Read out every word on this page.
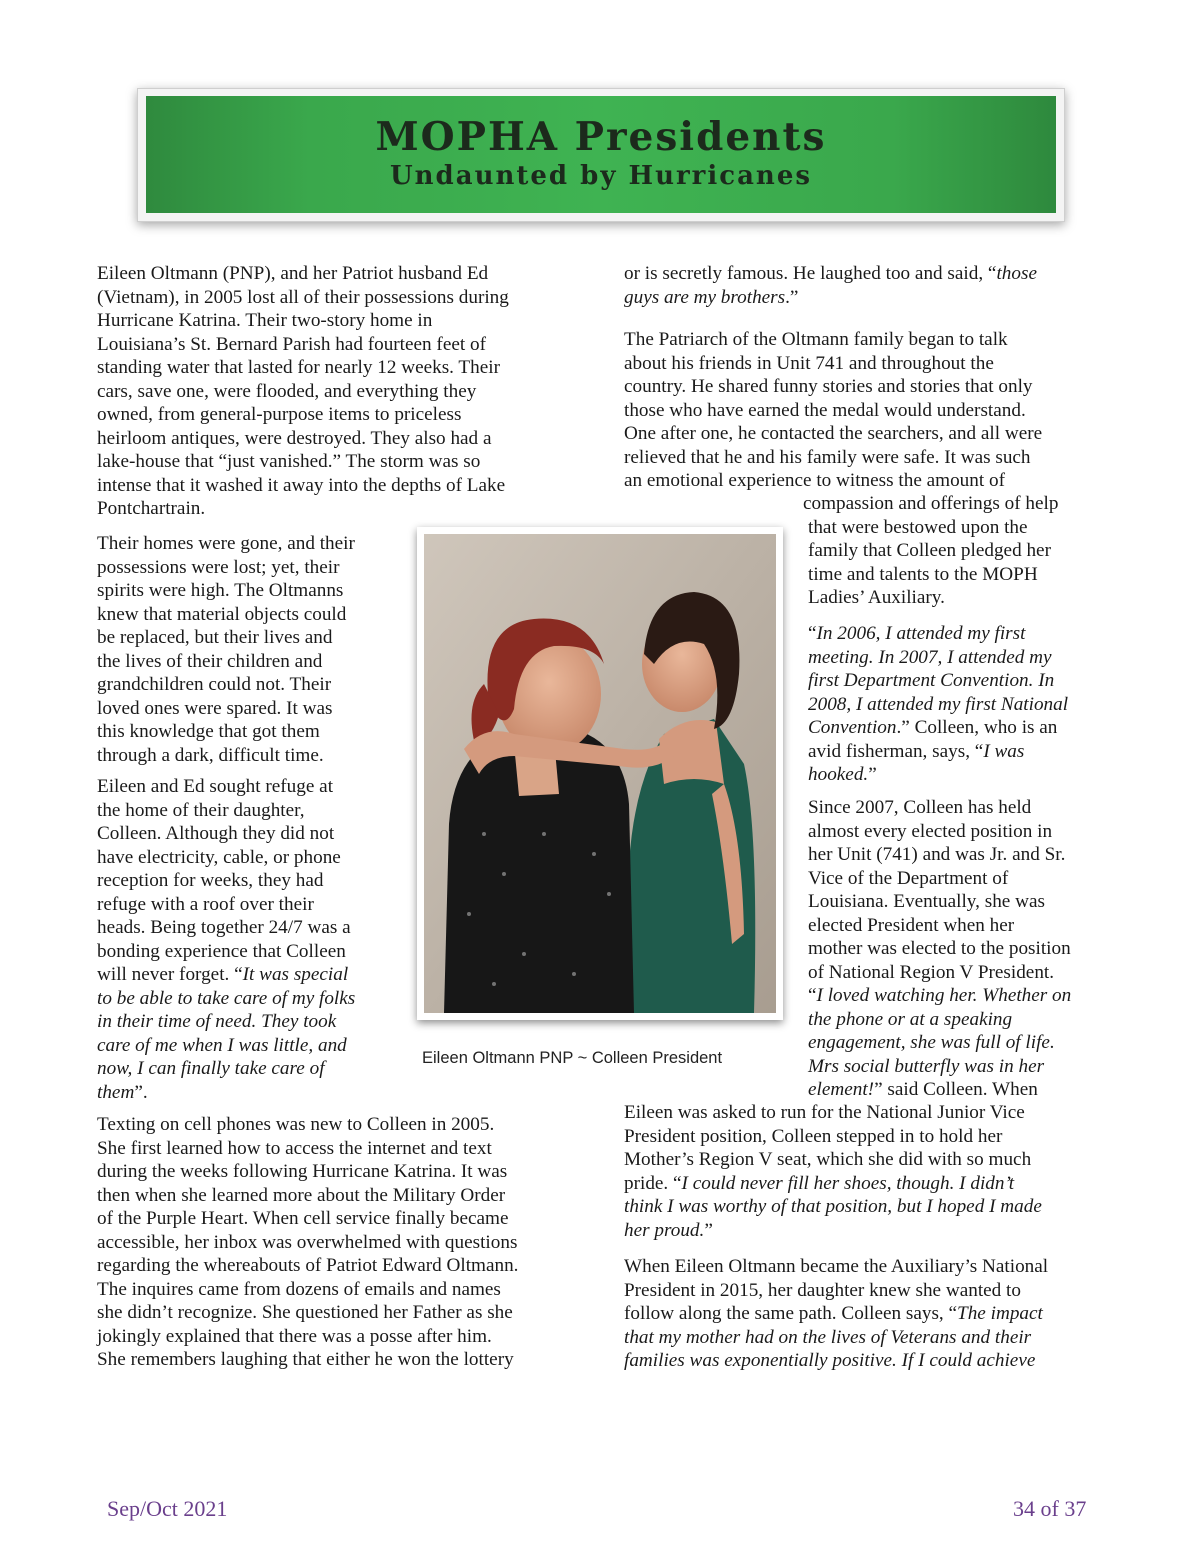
MOPHA Presidents
Undaunted by Hurricanes
Eileen Oltmann (PNP), and her Patriot husband Ed
(Vietnam), in 2005 lost all of their possessions during
Hurricane Katrina. Their two-story home in
Louisiana’s St. Bernard Parish had fourteen feet of
standing water that lasted for nearly 12 weeks. Their
cars, save one, were flooded, and everything they
owned, from general-purpose items to priceless
heirloom antiques, were destroyed. They also had a
lake-house that “just vanished.” The storm was so
intense that it washed it away into the depths of Lake
Pontchartrain.
Their homes were gone, and their
possessions were lost; yet, their
spirits were high. The Oltmanns
knew that material objects could
be replaced, but their lives and
the lives of their children and
grandchildren could not. Their
loved ones were spared. It was
this knowledge that got them
through a dark, difficult time.
Eileen and Ed sought refuge at
the home of their daughter,
Colleen. Although they did not
have electricity, cable, or phone
reception for weeks, they had
refuge with a roof over their
heads. Being together 24/7 was a
bonding experience that Colleen
will never forget. “It was special
to be able to take care of my folks
in their time of need. They took
care of me when I was little, and
now, I can finally take care of
them”.
Texting on cell phones was new to Colleen in 2005.
She first learned how to access the internet and text
during the weeks following Hurricane Katrina. It was
then when she learned more about the Military Order
of the Purple Heart. When cell service finally became
accessible, her inbox was overwhelmed with questions
regarding the whereabouts of Patriot Edward Oltmann.
The inquires came from dozens of emails and names
she didn’t recognize. She questioned her Father as she
jokingly explained that there was a posse after him.
She remembers laughing that either he won the lottery
or is secretly famous. He laughed too and said, “those
guys are my brothers.”
The Patriarch of the Oltmann family began to talk
about his friends in Unit 741 and throughout the
country. He shared funny stories and stories that only
those who have earned the medal would understand.
One after one, he contacted the searchers, and all were
relieved that he and his family were safe. It was such
an emotional experience to witness the amount of
compassion and offerings of help
that were bestowed upon the
family that Colleen pledged her
time and talents to the MOPH
Ladies’ Auxiliary.
“In 2006, I attended my first
meeting. In 2007, I attended my
first Department Convention. In
2008, I attended my first National
Convention.” Colleen, who is an
avid fisherman, says, “I was
hooked.”
Since 2007, Colleen has held
almost every elected position in
her Unit (741) and was Jr. and Sr.
Vice of the Department of
Louisiana. Eventually, she was
elected President when her
mother was elected to the position
of National Region V President.
“I loved watching her. Whether on
the phone or at a speaking
engagement, she was full of life.
Mrs social butterfly was in her
element!” said Colleen. When
Eileen was asked to run for the National Junior Vice
President position, Colleen stepped in to hold her
Mother’s Region V seat, which she did with so much
pride. “I could never fill her shoes, though. I didn’t
think I was worthy of that position, but I hoped I made
her proud.”
When Eileen Oltmann became the Auxiliary’s National
President in 2015, her daughter knew she wanted to
follow along the same path. Colleen says, “The impact
that my mother had on the lives of Veterans and their
families was exponentially positive. If I could achieve
Eileen Oltmann PNP ~ Colleen President
Sep/Oct 2021	34 of 37
